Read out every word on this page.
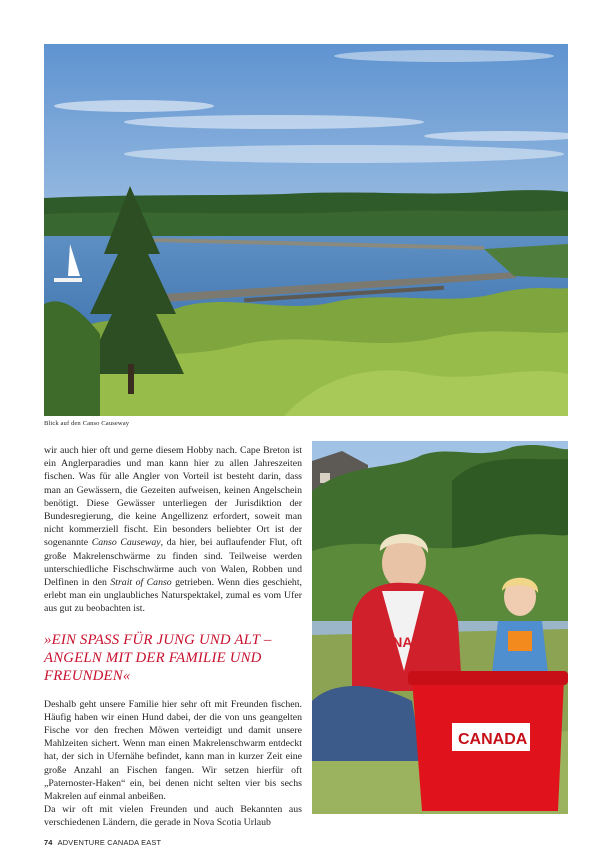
Blick auf den Canso Causeway

wir auch hier oft und gerne diesem Hobby nach. Cape Breton ist ein Anglerparadies und man kann hier zu allen Jahreszeiten fischen. Was für alle Angler von Vorteil ist besteht darin, dass man an Gewässern, die Gezeiten aufweisen, keinen Angelschein benötigt. Diese Gewässer unterliegen der Jurisdiktion der Bundesregierung, die keine Angellizenz erfordert, soweit man nicht kommerziell fischt. Ein besonders beliebter Ort ist der sogenannte Canso Causeway, da hier, bei auflaufender Flut, oft große Makrelenschwärme zu finden sind. Teilweise werden unterschiedliche Fischschwärme auch von Walen, Robben und Delfinen in den Strait of Canso getrieben. Wenn dies geschieht, erlebt man ein unglaubliches Naturspektakel, zumal es vom Ufer aus gut zu beobachten ist.

»EIN SPASS FÜR JUNG UND ALT – ANGELN MIT DER FAMILIE UND FREUNDEN«

Deshalb geht unsere Familie hier sehr oft mit Freunden fischen. Häufig haben wir einen Hund dabei, der die von uns geangelten Fische vor den frechen Möwen verteidigt und damit unsere Mahlzeiten sichert. Wenn man einen Makrelenschwarm entdeckt hat, der sich in Ufernähe befindet, kann man in kurzer Zeit eine große Anzahl an Fischen fangen. Wir setzen hierfür oft „Paternoster-Haken“ ein, bei denen nicht selten vier bis sechs Makrelen auf einmal anbeißen.

Da wir oft mit vielen Freunden und auch Bekannten aus verschiedenen Ländern, die gerade in Nova Scotia Urlaub

CANADA
CANADA
74 ADVENTURE CANADA EAST
